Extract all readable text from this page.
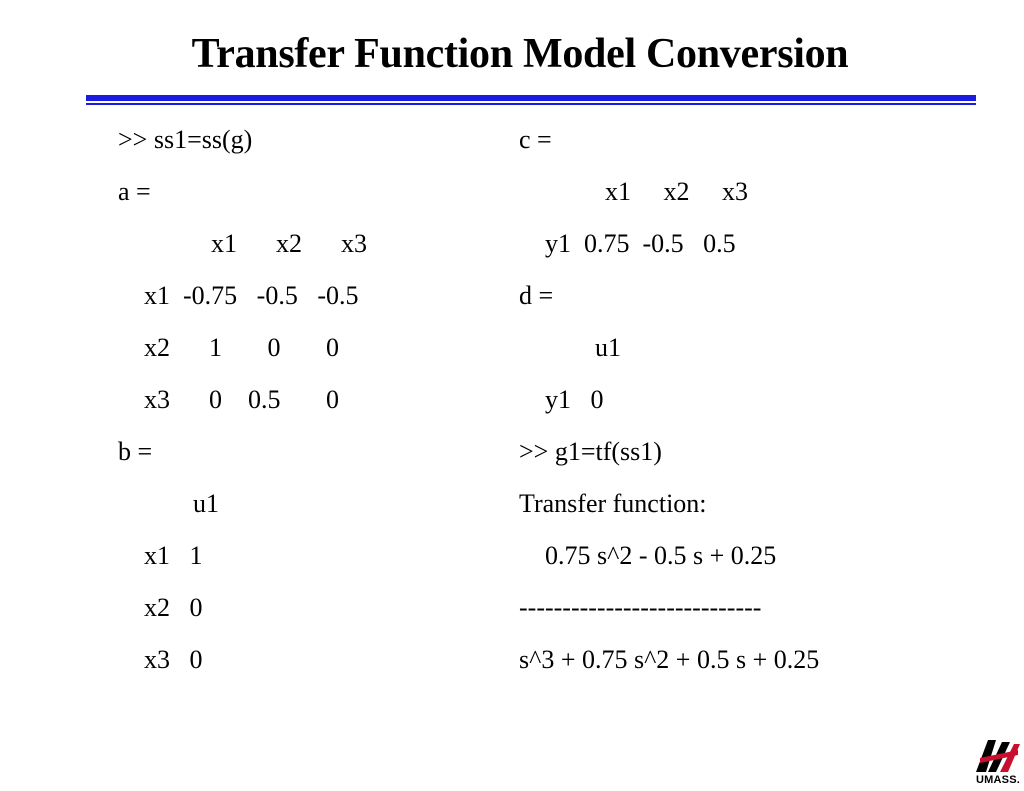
Transfer Function Model Conversion
>> ss1=ss(g)
a =
x1      x2      x3
x1  -0.75   -0.5   -0.5
x2      1       0       0
x3      0    0.5       0
b =
u1
x1   1
x2   0
x3   0
c =
x1     x2     x3
y1  0.75  -0.5   0.5
d =
u1
y1   0
>> g1=tf(ss1)
Transfer function:
0.75 s^2 - 0.5 s + 0.25
----------------------------
s^3 + 0.75 s^2 + 0.5 s + 0.25
UMASS.
